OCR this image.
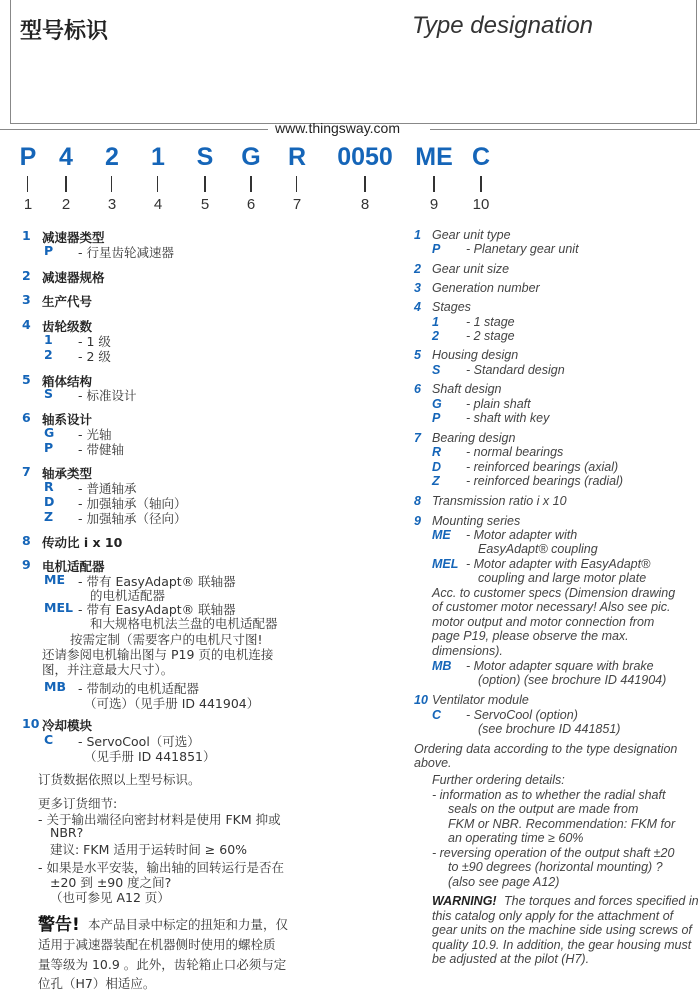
型号标识	Type designation
www.thingsway.com
P 4 2 1 S G R 0050 ME C
1 2	3	4	5	6	7	8	9 10
1 减速器类型
P - 行星齿轮减速器
2 减速器规格
3 生产代号
4 齿轮级数
1 - 1 级
2 - 2 级
5 箱体结构
S - 标准设计
6 轴系设计
G - 光轴
P - 带健轴
7 轴承类型
R - 普通轴承
D - 加强轴承（轴向）
Z - 加强轴承（径向）
8 传动比 i x 10
9 电机适配器
ME - 带有 EasyAdapt® 联轴器
的电机适配器
MEL - 带有 EasyAdapt® 联轴器
和大规格电机法兰盘的电机适配器
按需定制（需要客户的电机尺寸图!
还请参阅电机输出图与 P19 页的电机连接
图，并注意最大尺寸）。
MB - 带制动的电机适配器
（可选）（见手册 ID 441904）
10 冷却模块
C - ServoCool（可选）
（见手册 ID 441851）
订货数据依照以上型号标识。
更多订货细节:
- 关于输出端径向密封材料是使用 FKM 抑或
NBR?
建议: FKM 适用于运转时间 ≥ 60%
- 如果是水平安装，输出轴的回转运行是否在
±20 到 ±90 度之间?
（也可参见 A12 页）
警告! 本产品目录中标定的扭矩和力量，仅
适用于减速器装配在机器侧时使用的螺栓质
量等级为 10.9 。此外，齿轮箱止口必须与定
位孔（H7）相适应。
1 Gear unit type
P - Planetary gear unit
2 Gear unit size
3 Generation number
4 Stages
1 - 1 stage
2 - 2 stage
5 Housing design
S - Standard design
6 Shaft design
G - plain shaft
P - shaft with key
7 Bearing design
R - normal bearings
D - reinforced bearings (axial)
Z - reinforced bearings (radial)
8 Transmission ratio i x 10
9 Mounting series
ME - Motor adapter with
EasyAdapt® coupling
MEL - Motor adapter with EasyAdapt®
coupling and large motor plate
Acc. to customer specs (Dimension drawing
of customer motor necessary! Also see pic.
motor output and motor connection from
page P19, please observe the max.
dimensions).
MB - Motor adapter square with brake
(option) (see brochure ID 441904)
10 Ventilator module
C - ServoCool (option)
(see brochure ID 441851)
Ordering data according to the type designation
above.
Further ordering details:
- information as to whether the radial shaft
seals on the output are made from
FKM or NBR. Recommendation: FKM for
an operating time ≥ 60%
- reversing operation of the output shaft ±20
to ±90 degrees (horizontal mounting) ?
(also see page A12)
WARNING! The torques and forces specified in
this catalog only apply for the attachment of
gear units on the machine side using screws of
quality 10.9. In addition, the gear housing must
be adjusted at the pilot (H7).
